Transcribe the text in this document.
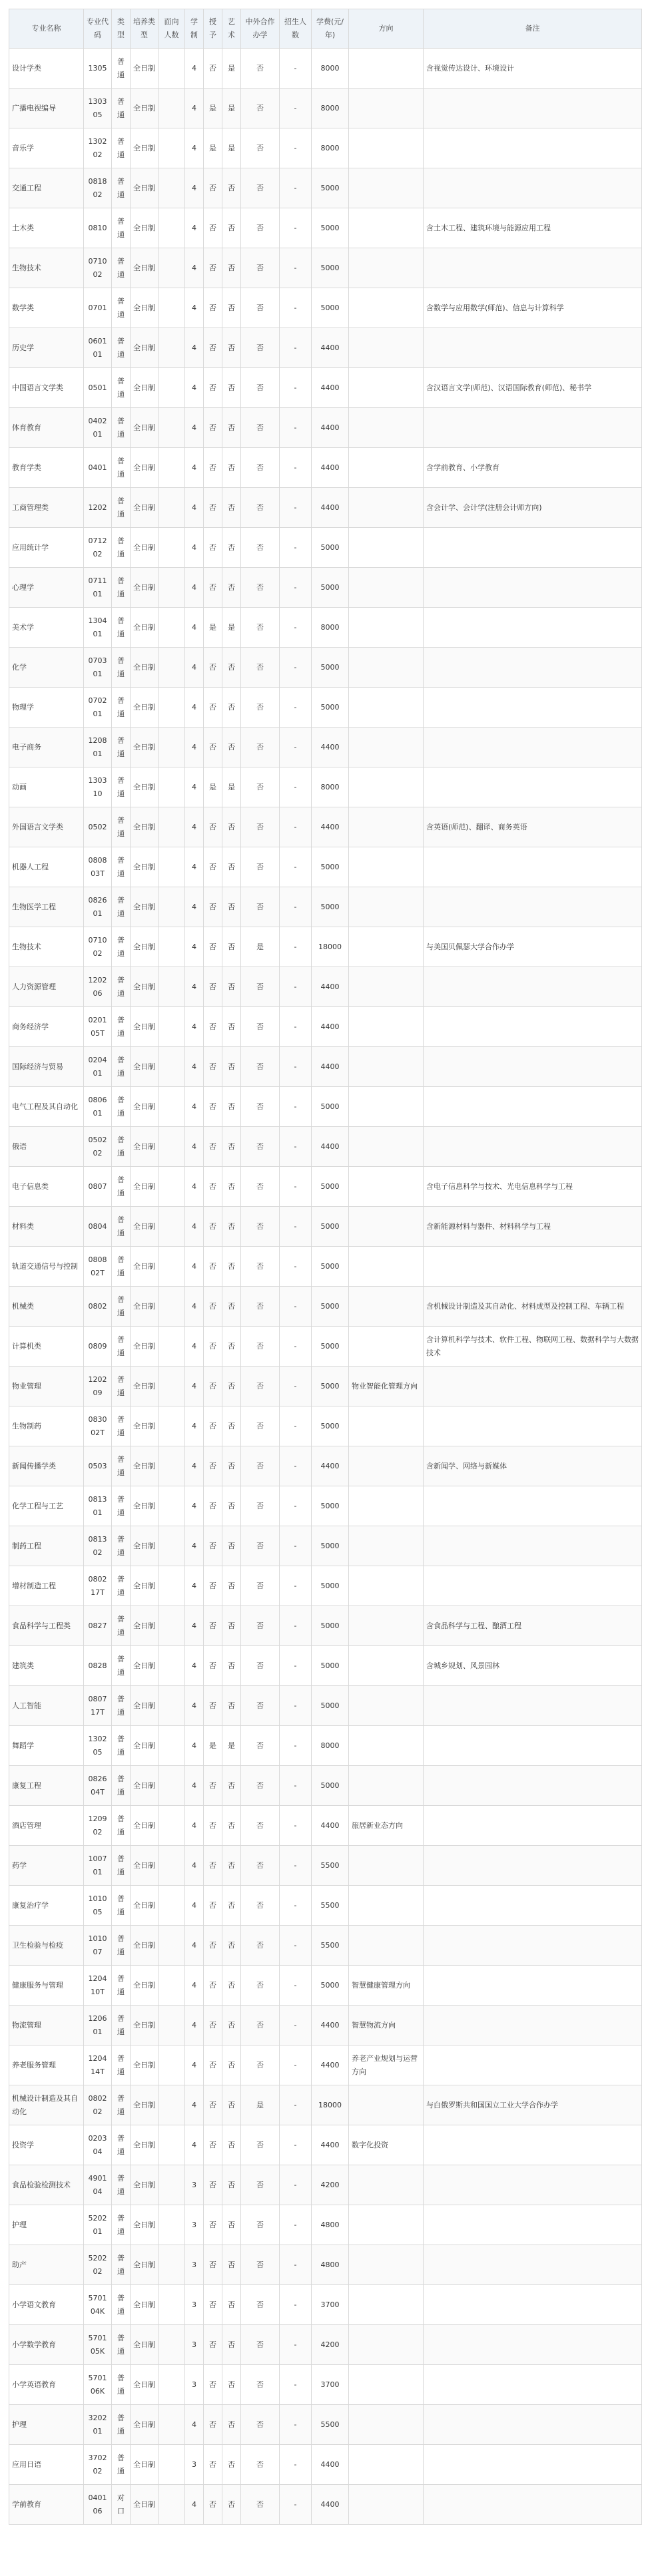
专业名称	专业代码	类型	培养类型	面向人数	学制	授予	艺术	中外合作办学	招生人数	学费(元/年)	方向	备注
设计学类	1305	普通	全日制		4	否	是	否	-	8000		含视觉传达设计、环境设计
广播电视编导	130305	普通	全日制		4	是	是	否	-	8000		
音乐学	130202	普通	全日制		4	是	是	否	-	8000		
交通工程	081802	普通	全日制		4	否	否	否	-	5000		
土木类	0810	普通	全日制		4	否	否	否	-	5000		含土木工程、建筑环境与能源应用工程
生物技术	071002	普通	全日制		4	否	否	否	-	5000		
数学类	0701	普通	全日制		4	否	否	否	-	5000		含数学与应用数学(师范)、信息与计算科学
历史学	060101	普通	全日制		4	否	否	否	-	4400		
中国语言文学类	0501	普通	全日制		4	否	否	否	-	4400		含汉语言文学(师范)、汉语国际教育(师范)、秘书学
体育教育	040201	普通	全日制		4	否	否	否	-	4400		
教育学类	0401	普通	全日制		4	否	否	否	-	4400		含学前教育、小学教育
工商管理类	1202	普通	全日制		4	否	否	否	-	4400		含会计学、会计学(注册会计师方向)
应用统计学	071202	普通	全日制		4	否	否	否	-	5000		
心理学	071101	普通	全日制		4	否	否	否	-	5000		
美术学	130401	普通	全日制		4	是	是	否	-	8000		
化学	070301	普通	全日制		4	否	否	否	-	5000		
物理学	070201	普通	全日制		4	否	否	否	-	5000		
电子商务	120801	普通	全日制		4	否	否	否	-	4400		
动画	130310	普通	全日制		4	是	是	否	-	8000		
外国语言文学类	0502	普通	全日制		4	否	否	否	-	4400		含英语(师范)、翻译、商务英语
机器人工程	080803T	普通	全日制		4	否	否	否	-	5000		
生物医学工程	082601	普通	全日制		4	否	否	否	-	5000		
生物技术	071002	普通	全日制		4	否	否	是	-	18000		与美国贝佩瑟大学合作办学
人力资源管理	120206	普通	全日制		4	否	否	否	-	4400		
商务经济学	020105T	普通	全日制		4	否	否	否	-	4400		
国际经济与贸易	020401	普通	全日制		4	否	否	否	-	4400		
电气工程及其自动化	080601	普通	全日制		4	否	否	否	-	5000		
俄语	050202	普通	全日制		4	否	否	否	-	4400		
电子信息类	0807	普通	全日制		4	否	否	否	-	5000		含电子信息科学与技术、光电信息科学与工程
材料类	0804	普通	全日制		4	否	否	否	-	5000		含新能源材料与器件、材料科学与工程
轨道交通信号与控制	080802T	普通	全日制		4	否	否	否	-	5000		
机械类	0802	普通	全日制		4	否	否	否	-	5000		含机械设计制造及其自动化、材料成型及控制工程、车辆工程
计算机类	0809	普通	全日制		4	否	否	否	-	5000		含计算机科学与技术、软件工程、物联网工程、数据科学与大数据技术
物业管理	120209	普通	全日制		4	否	否	否	-	5000	物业智能化管理方向	
生物制药	083002T	普通	全日制		4	否	否	否	-	5000		
新闻传播学类	0503	普通	全日制		4	否	否	否	-	4400		含新闻学、网络与新媒体
化学工程与工艺	081301	普通	全日制		4	否	否	否	-	5000		
制药工程	081302	普通	全日制		4	否	否	否	-	5000		
增材制造工程	080217T	普通	全日制		4	否	否	否	-	5000		
食品科学与工程类	0827	普通	全日制		4	否	否	否	-	5000		含食品科学与工程、酿酒工程
建筑类	0828	普通	全日制		4	否	否	否	-	5000		含城乡规划、风景园林
人工智能	080717T	普通	全日制		4	否	否	否	-	5000		
舞蹈学	130205	普通	全日制		4	是	是	否	-	8000		
康复工程	082604T	普通	全日制		4	否	否	否	-	5000		
酒店管理	120902	普通	全日制		4	否	否	否	-	4400	旅居新业态方向	
药学	100701	普通	全日制		4	否	否	否	-	5500		
康复治疗学	101005	普通	全日制		4	否	否	否	-	5500		
卫生检验与检疫	101007	普通	全日制		4	否	否	否	-	5500		
健康服务与管理	120410T	普通	全日制		4	否	否	否	-	5000	智慧健康管理方向	
物流管理	120601	普通	全日制		4	否	否	否	-	4400	智慧物流方向	
养老服务管理	120414T	普通	全日制		4	否	否	否	-	4400	养老产业规划与运营方向	
机械设计制造及其自动化	080202	普通	全日制		4	否	否	是	-	18000		与白俄罗斯共和国国立工业大学合作办学
投资学	020304	普通	全日制		4	否	否	否	-	4400	数字化投资	
食品检验检测技术	490104	普通	全日制		3	否	否	否	-	4200		
护理	520201	普通	全日制		3	否	否	否	-	4800		
助产	520202	普通	全日制		3	否	否	否	-	4800		
小学语文教育	570104K	普通	全日制		3	否	否	否	-	3700		
小学数学教育	570105K	普通	全日制		3	否	否	否	-	4200		
小学英语教育	570106K	普通	全日制		3	否	否	否	-	3700		
护理	320201	普通	全日制		4	否	否	否	-	5500		
应用日语	370202	普通	全日制		3	否	否	否	-	4400		
学前教育	040106	对口	全日制		4	否	否	否	-	4400		
